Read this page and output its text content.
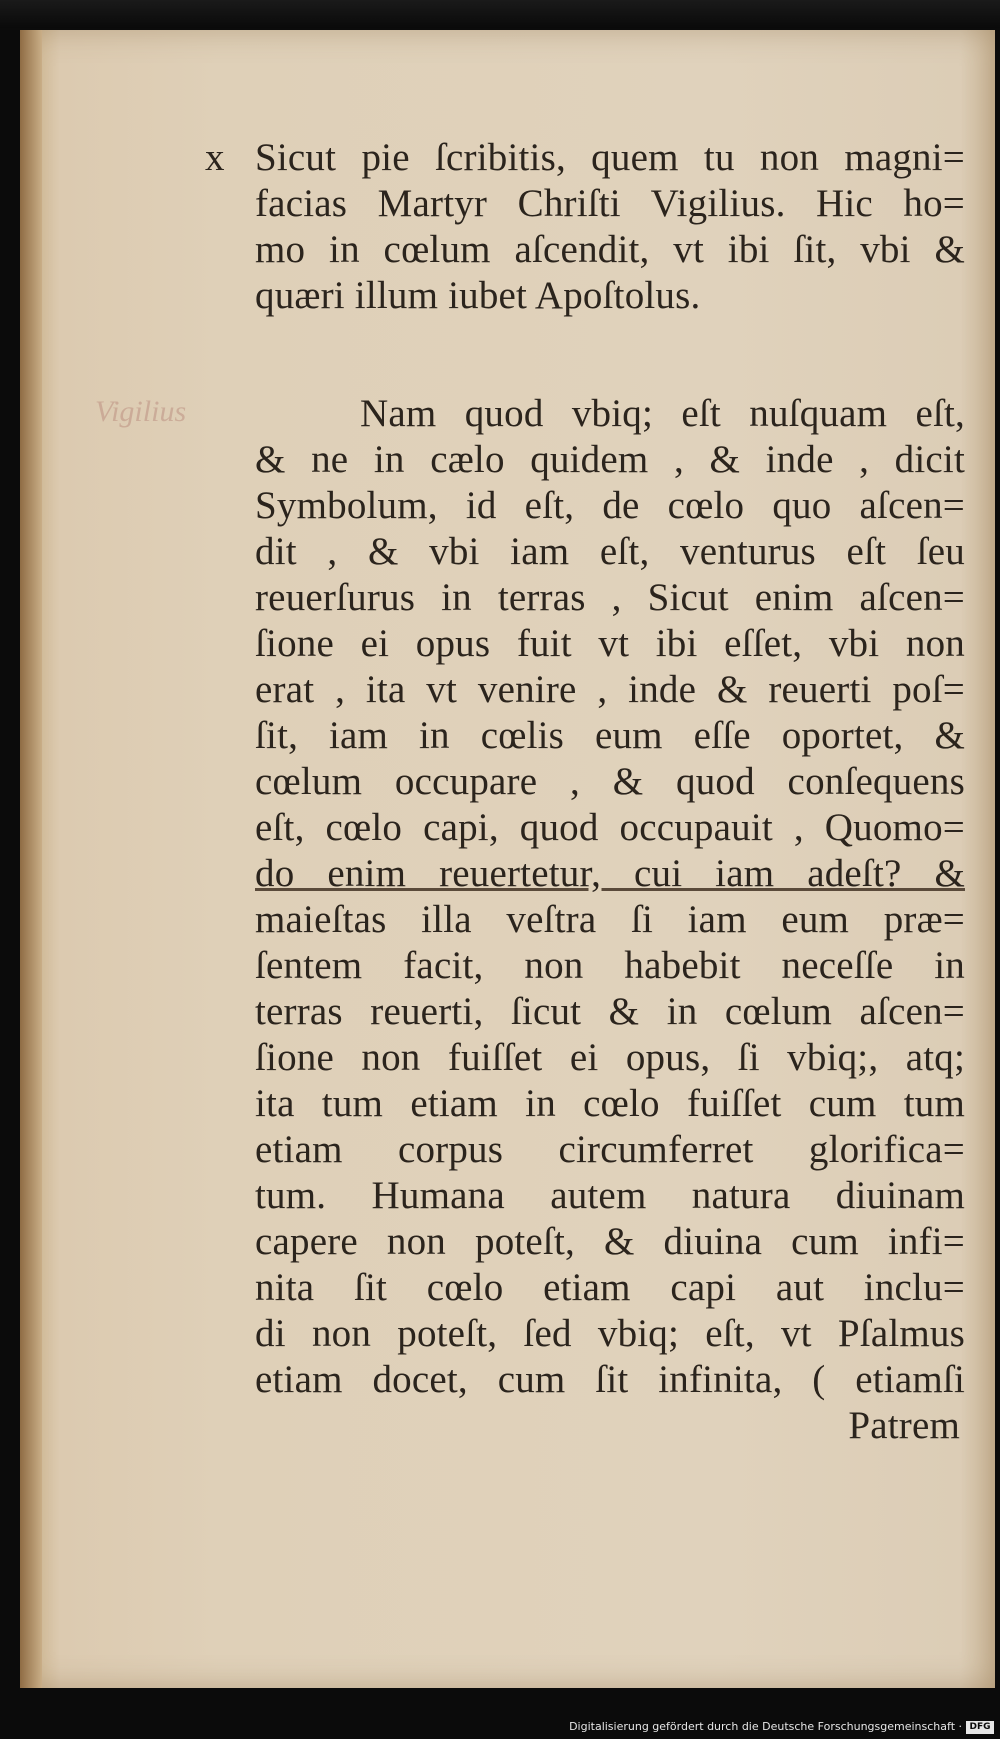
Vigilius
x Sicut pie ſcribitis, quem tu non magni=
facias Martyr Chriſti Vigilius. Hic ho=
mo in cœlum aſcendit, vt ibi ſit, vbi &
quæri illum iubet Apoſtolus.
Nam quod vbiq; eſt nuſquam eſt,
& ne in cælo quidem , & inde , dicit
Symbolum, id eſt, de cœlo quo aſcen=
dit , & vbi iam eſt, venturus eſt ſeu
reuerſurus in terras , Sicut enim aſcen=
ſione ei opus fuit vt ibi eſſet, vbi non
erat , ita vt venire , inde & reuerti poſ=
ſit, iam in cœlis eum eſſe oportet, &
cœlum occupare , & quod conſequens
eſt, cœlo capi, quod occupauit , Quomo=
do enim reuertetur, cui iam adeſt? &
maieſtas illa veſtra ſi iam eum præ=
ſentem facit, non habebit neceſſe in
terras reuerti, ſicut & in cœlum aſcen=
ſione non fuiſſet ei opus, ſi vbiq;, atq;
ita tum etiam in cœlo fuiſſet cum tum
etiam corpus circumferret glorifica=
tum. Humana autem natura diuinam
capere non poteſt, & diuina cum infi=
nita ſit cœlo etiam capi aut inclu=
di non poteſt, ſed vbiq; eſt, vt Pſalmus
etiam docet, cum ſit infinita, ( etiamſi
Patrem
Digitalisierung gefördert durch die Deutsche Forschungsgemeinschaft · DFG
